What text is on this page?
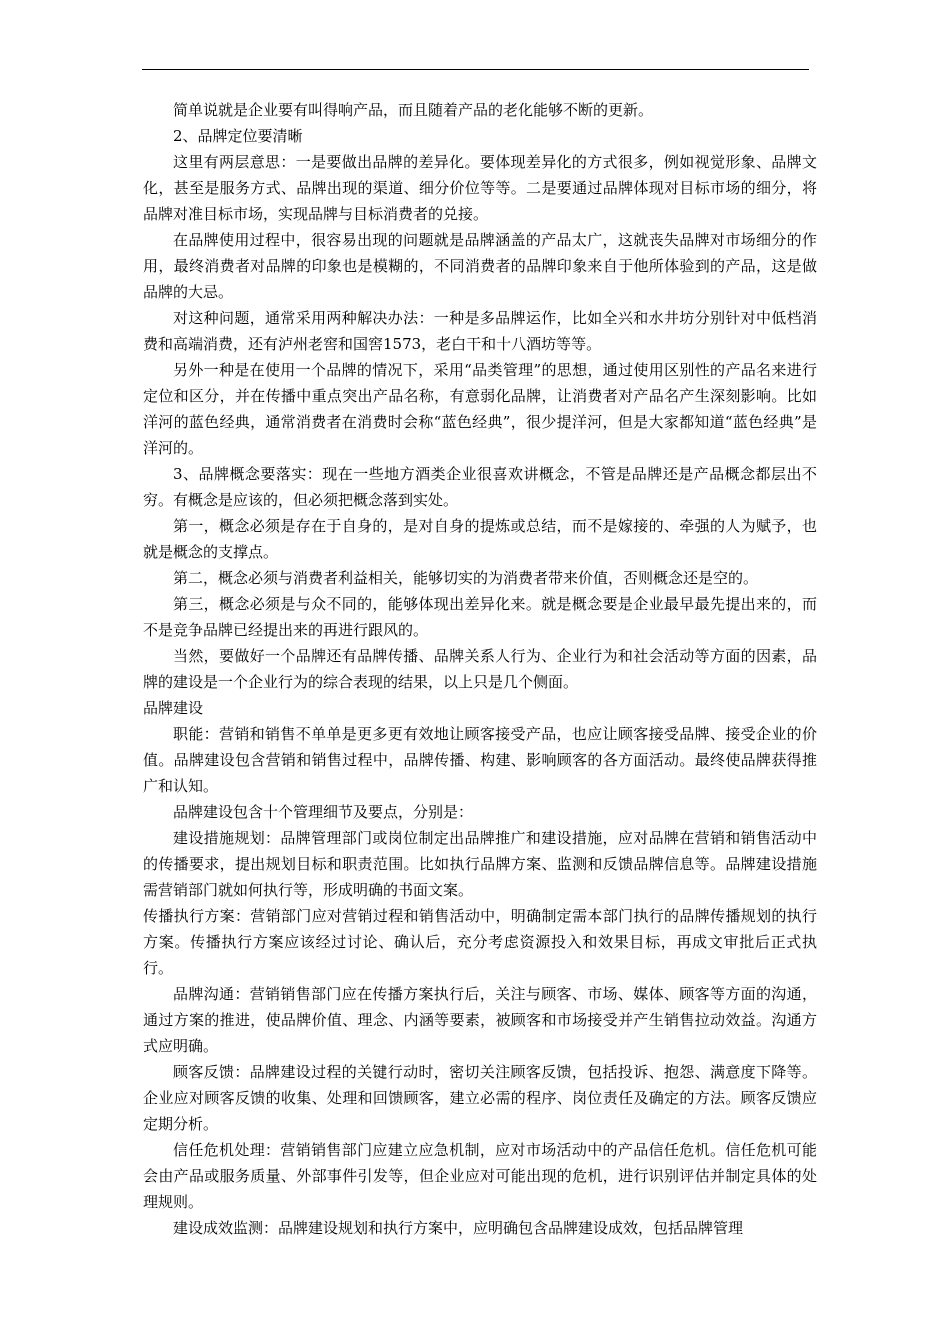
简单说就是企业要有叫得响产品，而且随着产品的老化能够不断的更新。

2、品牌定位要清晰

这里有两层意思：一是要做出品牌的差异化。要体现差异化的方式很多，例如视觉形象、品牌文化，甚至是服务方式、品牌出现的渠道、细分价位等等。二是要通过品牌体现对目标市场的细分，将品牌对准目标市场，实现品牌与目标消费者的兑接。

在品牌使用过程中，很容易出现的问题就是品牌涵盖的产品太广，这就丧失品牌对市场细分的作用，最终消费者对品牌的印象也是模糊的，不同消费者的品牌印象来自于他所体验到的产品，这是做品牌的大忌。

对这种问题，通常采用两种解决办法：一种是多品牌运作，比如全兴和水井坊分别针对中低档消费和高端消费，还有泸州老窖和国窖1573，老白干和十八酒坊等等。

另外一种是在使用一个品牌的情况下，采用“品类管理”的思想，通过使用区别性的产品名来进行定位和区分，并在传播中重点突出产品名称，有意弱化品牌，让消费者对产品名产生深刻影响。比如洋河的蓝色经典，通常消费者在消费时会称“蓝色经典”，很少提洋河，但是大家都知道“蓝色经典”是洋河的。

3、品牌概念要落实：现在一些地方酒类企业很喜欢讲概念，不管是品牌还是产品概念都层出不穷。有概念是应该的，但必须把概念落到实处。

第一，概念必须是存在于自身的，是对自身的提炼或总结，而不是嫁接的、牵强的人为赋予，也就是概念的支撑点。

第二，概念必须与消费者利益相关，能够切实的为消费者带来价值，否则概念还是空的。

第三，概念必须是与众不同的，能够体现出差异化来。就是概念要是企业最早最先提出来的，而不是竞争品牌已经提出来的再进行跟风的。

当然，要做好一个品牌还有品牌传播、品牌关系人行为、企业行为和社会活动等方面的因素，品牌的建设是一个企业行为的综合表现的结果，以上只是几个侧面。

品牌建设

职能：营销和销售不单单是更多更有效地让顾客接受产品，也应让顾客接受品牌、接受企业的价值。品牌建设包含营销和销售过程中，品牌传播、构建、影响顾客的各方面活动。最终使品牌获得推广和认知。

品牌建设包含十个管理细节及要点，分别是：

建设措施规划：品牌管理部门或岗位制定出品牌推广和建设措施，应对品牌在营销和销售活动中的传播要求，提出规划目标和职责范围。比如执行品牌方案、监测和反馈品牌信息等。品牌建设措施需营销部门就如何执行等，形成明确的书面文案。

传播执行方案：营销部门应对营销过程和销售活动中，明确制定需本部门执行的品牌传播规划的执行方案。传播执行方案应该经过讨论、确认后，充分考虑资源投入和效果目标，再成文审批后正式执行。

品牌沟通：营销销售部门应在传播方案执行后，关注与顾客、市场、媒体、顾客等方面的沟通，通过方案的推进，使品牌价值、理念、内涵等要素，被顾客和市场接受并产生销售拉动效益。沟通方式应明确。

顾客反馈：品牌建设过程的关键行动时，密切关注顾客反馈，包括投诉、抱怨、满意度下降等。企业应对顾客反馈的收集、处理和回馈顾客，建立必需的程序、岗位责任及确定的方法。顾客反馈应定期分析。

信任危机处理：营销销售部门应建立应急机制，应对市场活动中的产品信任危机。信任危机可能会由产品或服务质量、外部事件引发等，但企业应对可能出现的危机，进行识别评估并制定具体的处理规则。

建设成效监测：品牌建设规划和执行方案中，应明确包含品牌建设成效，包括品牌管理
